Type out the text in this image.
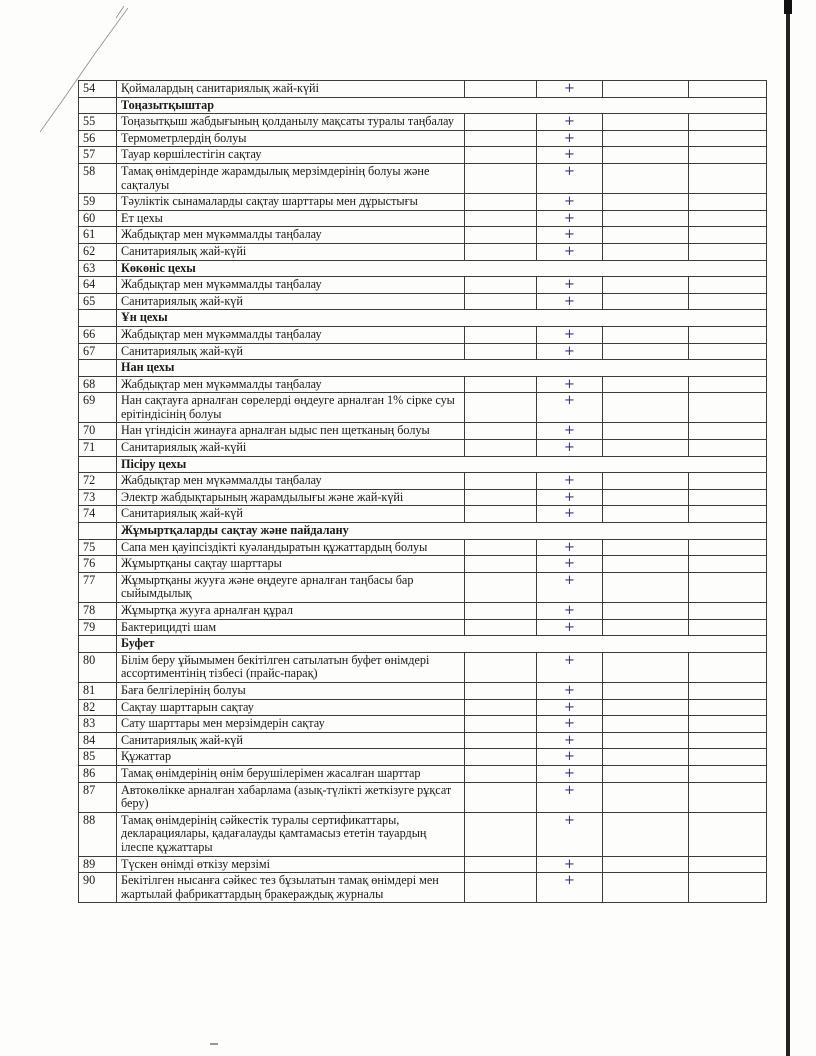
54	Қоймалардың санитариялық жай-күйі		+		
	Тоңазытқыштар				
55	Тоңазытқыш жабдығының қолданылу мақсаты туралы таңбалау		+		
56	Термометрлердің болуы		+		
57	Тауар көршілестігін сақтау		+		
58	Тамақ өнімдерінде жарамдылық мерзімдерінің болуы және сақталуы		+		
59	Тәуліктік сынамаларды сақтау шарттары мен дұрыстығы		+		
60	Ет цехы		+		
61	Жабдықтар мен мүкәммалды таңбалау		+		
62	Санитариялық жай-күйі		+		
63	Көкөніс цехы				
64	Жабдықтар мен мүкәммалды таңбалау		+		
65	Санитариялық жай-күй		+		
	Ұн цехы				
66	Жабдықтар мен мүкәммалды таңбалау		+		
67	Санитариялық жай-күй		+		
	Нан цехы				
68	Жабдықтар мен мүкәммалды таңбалау		+		
69	Нан сақтауға арналған сөрелерді өңдеуге арналған 1% сірке суы ерітіндісінің болуы		+		
70	Нан үгіндісін жинауға арналған ыдыс пен щетканың болуы		+		
71	Санитариялық жай-күйі		+		
	Пісіру цехы				
72	Жабдықтар мен мүкәммалды таңбалау		+		
73	Электр жабдықтарының жарамдылығы және жай-күйі		+		
74	Санитариялық жай-күй		+		
	Жұмыртқаларды сақтау және пайдалану				
75	Сапа мен қауіпсіздікті куәландыратын құжаттардың болуы		+		
76	Жұмыртқаны сақтау шарттары		+		
77	Жұмыртқаны жууға және өңдеуге арналған таңбасы бар сыйымдылық		+		
78	Жұмыртқа жууға арналған құрал		+		
79	Бактерицидті шам		+		
	Буфет				
80	Білім беру ұйымымен бекітілген сатылатын буфет өнімдері ассортиментінің тізбесі (прайс-парақ)		+		
81	Баға белгілерінің болуы		+		
82	Сақтау шарттарын сақтау		+		
83	Сату шарттары мен мерзімдерін сақтау		+		
84	Санитариялық жай-күй		+		
85	Құжаттар		+		
86	Тамақ өнімдерінің өнім берушілерімен жасалған шарттар		+		
87	Автокөлікке арналған хабарлама (азық-түлікті жеткізуге рұқсат беру)		+		
88	Тамақ өнімдерінің сәйкестік туралы сертификаттары, декларациялары, қадағалауды қамтамасыз ететін тауардың ілеспе құжаттары		+		
89	Түскен өнімді өткізу мерзімі		+		
90	Бекітілген нысанға сәйкес тез бұзылатын тамақ өнімдері мен жартылай фабрикаттардың бракераждық журналы		+		
